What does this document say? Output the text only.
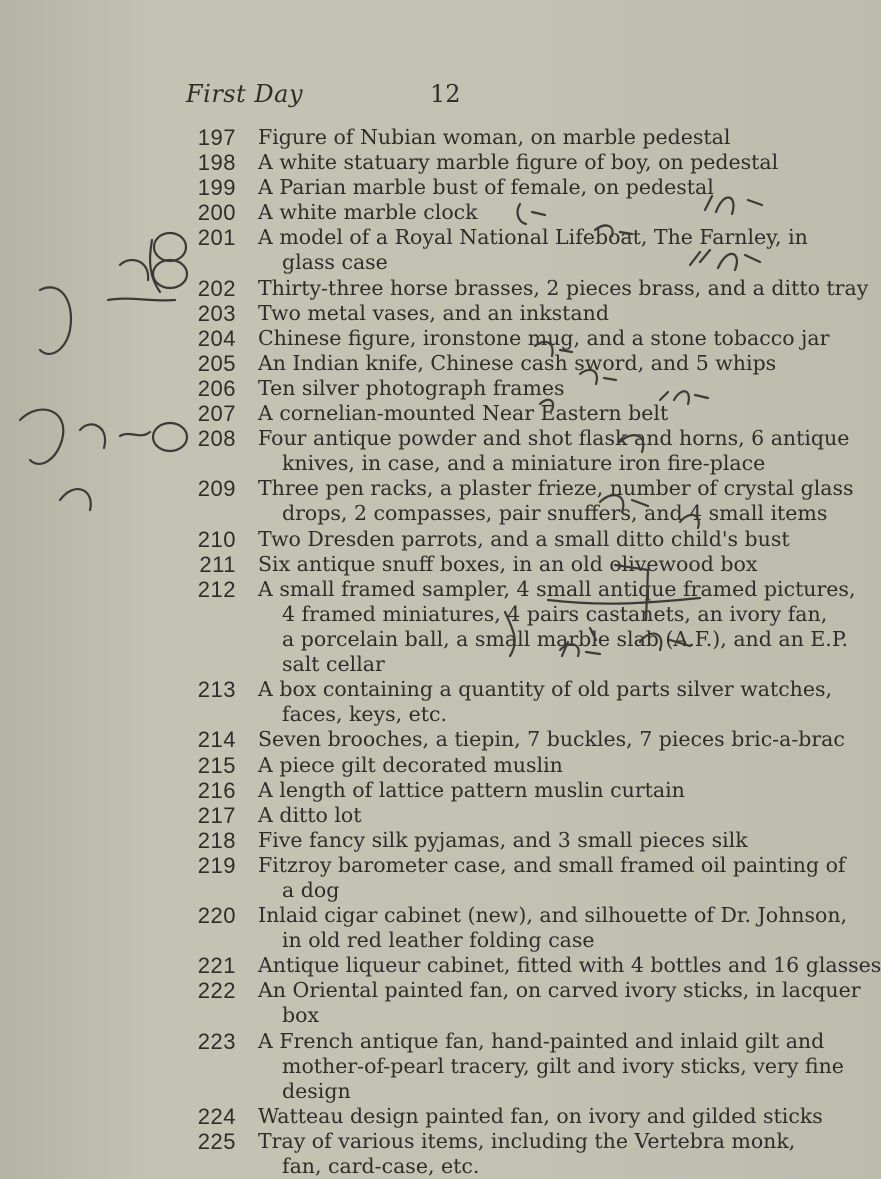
First Day	12
197 Figure of Nubian woman, on marble pedestal
198 A white statuary marble figure of boy, on pedestal
199 A Parian marble bust of female, on pedestal
200 A white marble clock
201 A model of a Royal National Lifeboat, The Farnley, in
glass case
202 Thirty-three horse brasses, 2 pieces brass, and a ditto tray
203 Two metal vases, and an inkstand
204 Chinese figure, ironstone mug, and a stone tobacco jar
205 An Indian knife, Chinese cash sword, and 5 whips
206 Ten silver photograph frames
207 A cornelian-mounted Near Eastern belt
208 Four antique powder and shot flask and horns, 6 antique
knives, in case, and a miniature iron fire-place
209 Three pen racks, a plaster frieze, number of crystal glass
drops, 2 compasses, pair snuffers, and 4 small items
210 Two Dresden parrots, and a small ditto child's bust
211 Six antique snuff boxes, in an old olivewood box
212 A small framed sampler, 4 small antique framed pictures,
4 framed miniatures, 4 pairs castanets, an ivory fan,
a porcelain ball, a small marble slab (A.F.), and an E.P.
salt cellar
213 A box containing a quantity of old parts silver watches,
faces, keys, etc.
214 Seven brooches, a tiepin, 7 buckles, 7 pieces bric-a-brac
215 A piece gilt decorated muslin
216 A length of lattice pattern muslin curtain
217 A ditto lot
218 Five fancy silk pyjamas, and 3 small pieces silk
219 Fitzroy barometer case, and small framed oil painting of
a dog
220 Inlaid cigar cabinet (new), and silhouette of Dr. Johnson,
in old red leather folding case
221 Antique liqueur cabinet, fitted with 4 bottles and 16 glasses
222 An Oriental painted fan, on carved ivory sticks, in lacquer
box
223 A French antique fan, hand-painted and inlaid gilt and
mother-of-pearl tracery, gilt and ivory sticks, very fine
design
224 Watteau design painted fan, on ivory and gilded sticks
225 Tray of various items, including the Vertebra monk,
fan, card-case, etc.
